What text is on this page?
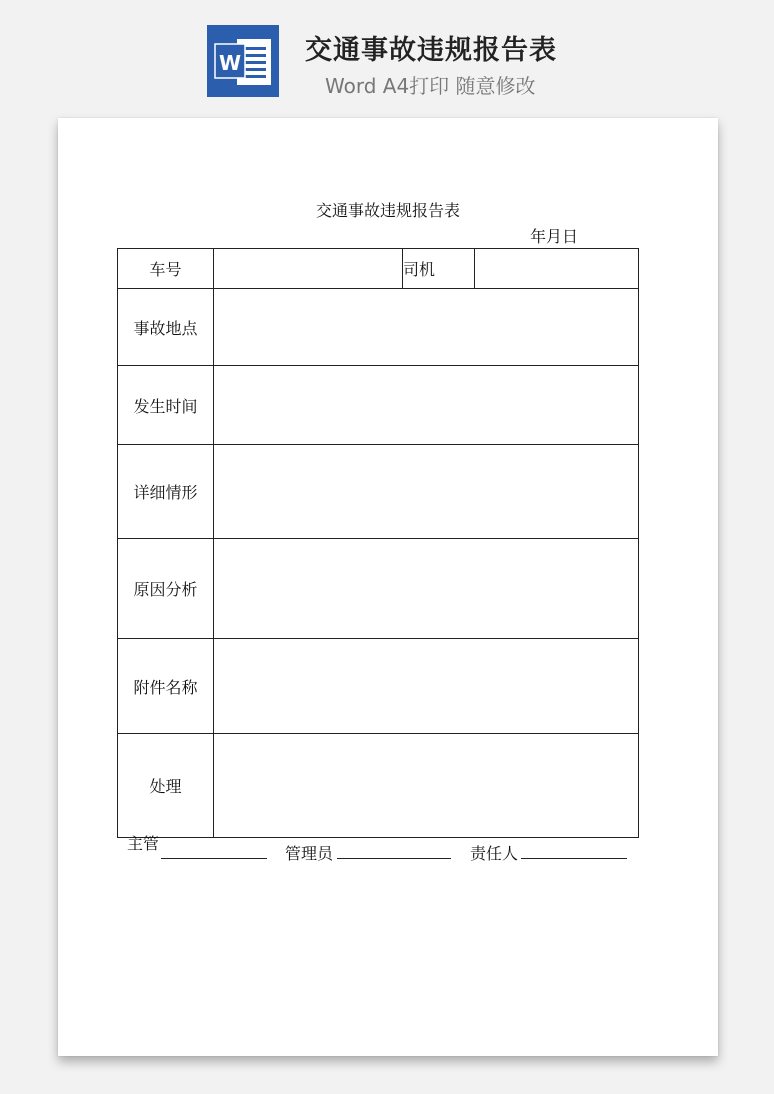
W 交通事故违规报告表
Word A4打印 随意修改

交通事故违规报告表
年月日
车号		司机	
事故地点			
发生时间			
详细情形			
原因分析			
附件名称			
处理			
主管
管理员	责任人
